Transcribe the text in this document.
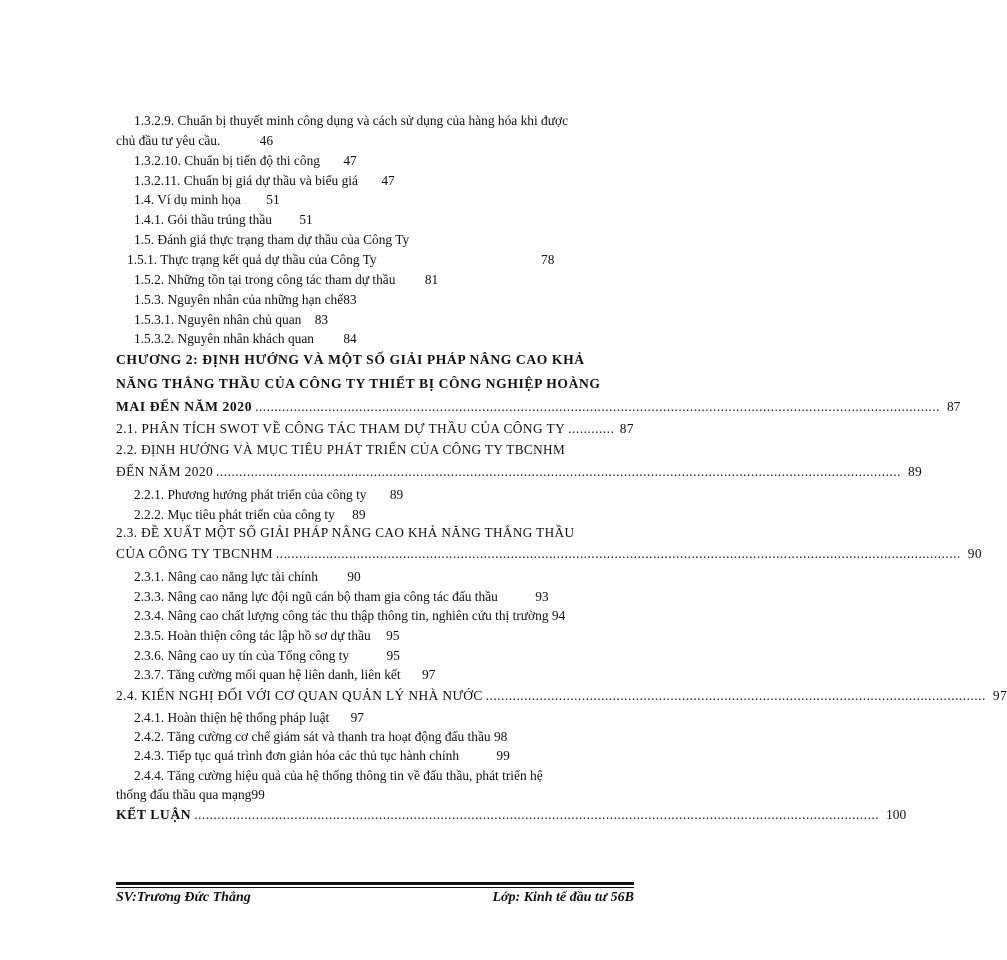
1.3.2.9. Chuẩn bị thuyết minh công dụng và cách sử dụng của hàng hóa khi được
chủ đầu tư yêu cầu.	46
1.3.2.10. Chuẩn bị tiến độ thi công 47
1.3.2.11. Chuẩn bị giá dự thầu và biểu giá 47
1.4. Ví dụ minh họa 51
1.4.1. Gói thầu trúng thầu 51
1.5. Đánh giá thực trạng tham dự thầu của Công Ty
1.5.1. Thực trạng kết quả dự thầu của Công Ty	78
1.5.2. Những tồn tại trong công tác tham dự thầu 81
1.5.3. Nguyên nhân của những hạn chế83
1.5.3.1. Nguyên nhân chủ quan 83
1.5.3.2. Nguyên nhân khách quan 84
CHƯƠNG 2: ĐỊNH HƯỚNG VÀ MỘT SỐ GIẢI PHÁP NÂNG CAO KHẢ
NĂNG THẮNG THẦU CỦA CÔNG TY THIẾT BỊ CÔNG NGHIỆP HOÀNG
MAI ĐẾN NĂM 2020 .................................................................................................................................................................................. 87
2.1. PHÂN TÍCH SWOT VỀ CÔNG TÁC THAM DỰ THẦU CỦA CÔNG TY ............ 87
2.2. ĐỊNH HƯỚNG VÀ MỤC TIÊU PHÁT TRIỂN CỦA CÔNG TY TBCNHM
ĐẾN NĂM 2020 .................................................................................................................................................................................. 89
2.2.1. Phương hướng phát triển của công ty 89
2.2.2. Mục tiêu phát triển của công ty 89
2.3. ĐỀ XUẤT MỘT SỐ GIẢI PHÁP NÂNG CAO KHẢ NĂNG THẮNG THẦU
CỦA CÔNG TY TBCNHM .................................................................................................................................................................................. 90
2.3.1. Nâng cao năng lực tài chính 90
2.3.3. Nâng cao năng lực đội ngũ cán bộ tham gia công tác đấu thầu	93
2.3.4. Nâng cao chất lượng công tác thu thập thông tin, nghiên cứu thị trường 94
2.3.5. Hoàn thiện công tác lập hồ sơ dự thầu 95
2.3.6. Nâng cao uy tín của Tổng công ty	95
2.3.7. Tăng cường mối quan hệ liên danh, liên kết 97
2.4. KIẾN NGHỊ ĐỐI VỚI CƠ QUAN QUẢN LÝ NHÀ NƯỚC .................................................................................................................................. 97
2.4.1. Hoàn thiện hệ thống pháp luật 97
2.4.2. Tăng cường cơ chế giám sát và thanh tra hoạt động đấu thầu 98
2.4.3. Tiếp tục quá trình đơn giản hóa các thủ tục hành chính	99
2.4.4. Tăng cường hiệu quả của hệ thống thông tin về đấu thầu, phát triển hệ
thống đấu thầu qua mạng99
KẾT LUẬN .................................................................................................................................................................................. 100
SV:Trương Đức Thắng	Lớp: Kinh tế đầu tư 56B
